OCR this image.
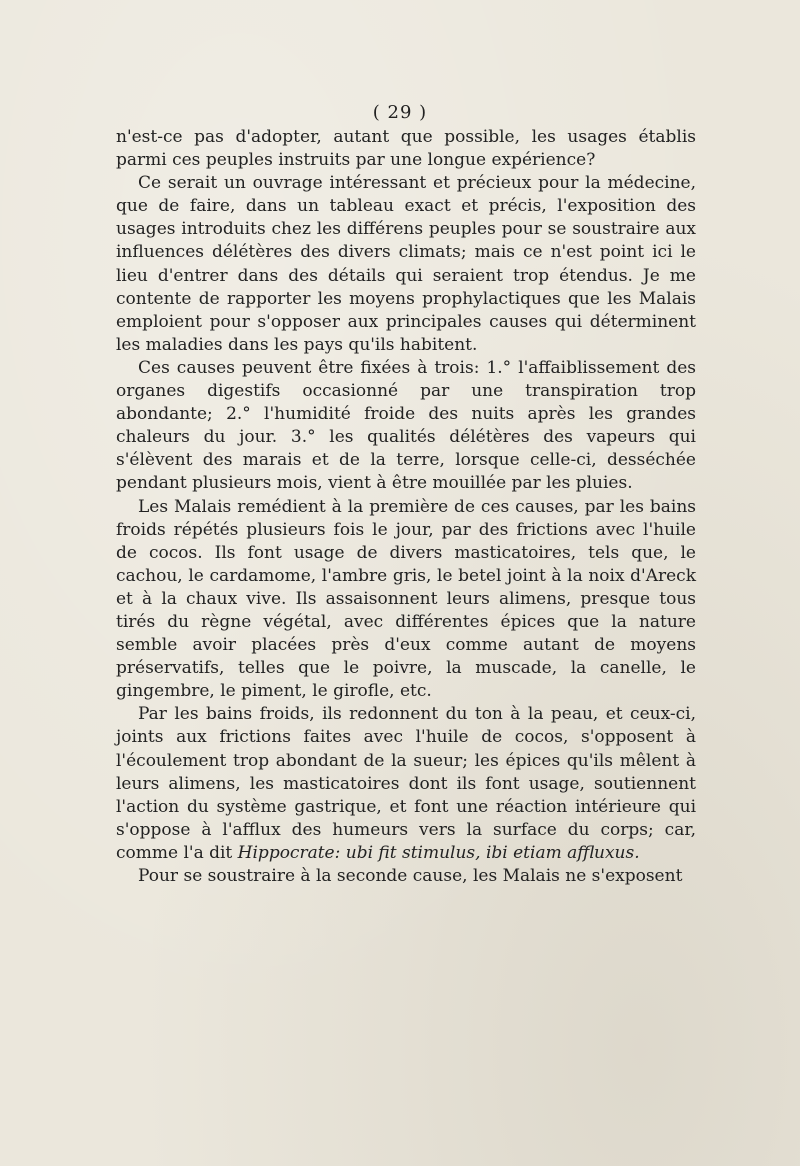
( 29 )

n'est-ce pas d'adopter, autant que possible, les usages établis parmi ces peuples instruits par une longue expérience?

Ce serait un ouvrage intéressant et précieux pour la médecine, que de faire, dans un tableau exact et précis, l'exposition des usages introduits chez les différens peuples pour se soustraire aux influences délétères des divers climats; mais ce n'est point ici le lieu d'entrer dans des détails qui seraient trop étendus. Je me contente de rapporter les moyens prophylactiques que les Malais emploient pour s'opposer aux principales causes qui déterminent les maladies dans les pays qu'ils habitent.

Ces causes peuvent être fixées à trois: 1.° l'affaiblissement des organes digestifs occasionné par une transpiration trop abondante; 2.° l'humidité froide des nuits après les grandes chaleurs du jour. 3.° les qualités délétères des vapeurs qui s'élèvent des marais et de la terre, lorsque celle-ci, desséchée pendant plusieurs mois, vient à être mouillée par les pluies.

Les Malais remédient à la première de ces causes, par les bains froids répétés plusieurs fois le jour, par des frictions avec l'huile de cocos. Ils font usage de divers masticatoires, tels que, le cachou, le cardamome, l'ambre gris, le betel joint à la noix d'Areck et à la chaux vive. Ils assaisonnent leurs alimens, presque tous tirés du règne végétal, avec différentes épices que la nature semble avoir placées près d'eux comme autant de moyens préservatifs, telles que le poivre, la muscade, la canelle, le gingembre, le piment, le girofle, etc.

Par les bains froids, ils redonnent du ton à la peau, et ceux-ci, joints aux frictions faites avec l'huile de cocos, s'opposent à l'écoulement trop abondant de la sueur; les épices qu'ils mêlent à leurs alimens, les masticatoires dont ils font usage, soutiennent l'action du système gastrique, et font une réaction intérieure qui s'oppose à l'afflux des humeurs vers la surface du corps; car, comme l'a dit Hippocrate: ubi fit stimulus, ibi etiam affluxus.

Pour se soustraire à la seconde cause, les Malais ne s'exposent
